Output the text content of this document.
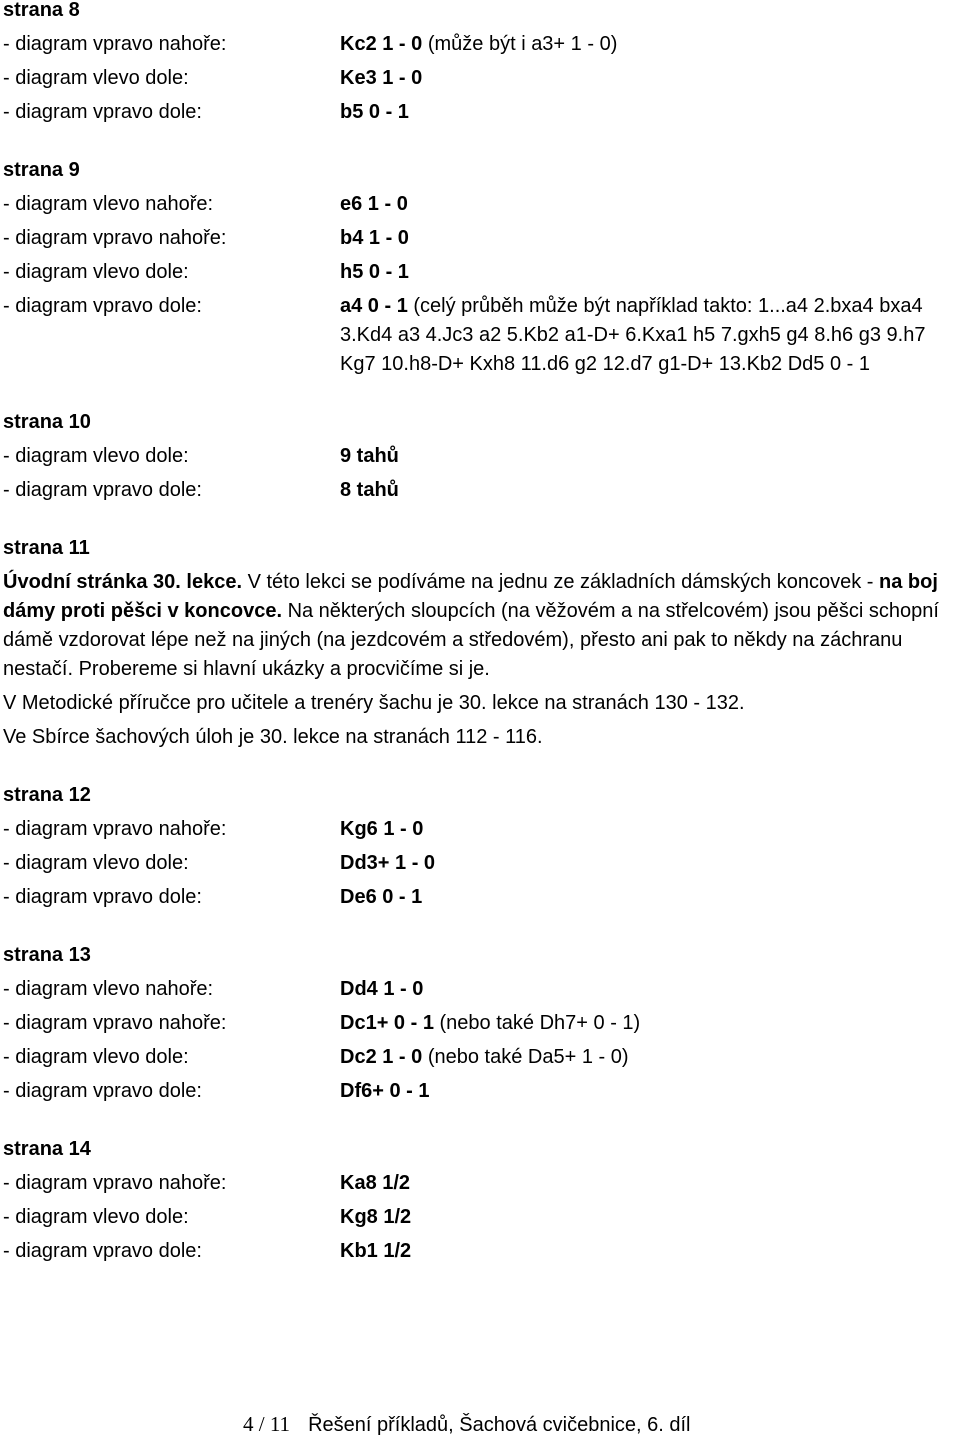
strana 8
- diagram vpravo nahoře:	Kc2 1 - 0 (může být i a3+ 1 - 0)
- diagram vlevo dole:	Ke3 1 - 0
- diagram vpravo dole:	b5 0 - 1
strana 9
- diagram vlevo nahoře:	e6 1 - 0
- diagram vpravo nahoře:	b4 1 - 0
- diagram vlevo dole:	h5 0 - 1
- diagram vpravo dole:	a4 0 - 1 (celý průběh může být například takto: 1...a4 2.bxa4 bxa4 3.Kd4 a3 4.Jc3 a2 5.Kb2 a1-D+ 6.Kxa1 h5 7.gxh5 g4 8.h6 g3 9.h7 Kg7 10.h8-D+ Kxh8 11.d6 g2 12.d7 g1-D+ 13.Kb2 Dd5 0 - 1
strana 10
- diagram vlevo dole:	9 tahů
- diagram vpravo dole:	8 tahů
strana 11
Úvodní stránka 30. lekce. V této lekci se podíváme na jednu ze základních dámských koncovek - na boj dámy proti pěšci v koncovce. Na některých sloupcích (na věžovém a na střelcovém) jsou pěšci schopní dámě vzdorovat lépe než na jiných (na jezdcovém a středovém), přesto ani pak to někdy na záchranu nestačí. Probereme si hlavní ukázky a procvičíme si je.
V Metodické příručce pro učitele a trenéry šachu je 30. lekce na stranách 130 - 132.
Ve Sbírce šachových úloh je 30. lekce na stranách 112 - 116.
strana 12
- diagram vpravo nahoře:	Kg6 1 - 0
- diagram vlevo dole:	Dd3+ 1 - 0
- diagram vpravo dole:	De6 0 - 1
strana 13
- diagram vlevo nahoře:	Dd4 1 - 0
- diagram vpravo nahoře:	Dc1+ 0 - 1 (nebo také Dh7+ 0 - 1)
- diagram vlevo dole:	Dc2 1 - 0 (nebo také Da5+ 1 - 0)
- diagram vpravo dole:	Df6+ 0 - 1
strana 14
- diagram vpravo nahoře:	Ka8 1/2
- diagram vlevo dole:	Kg8 1/2
- diagram vpravo dole:	Kb1 1/2
4 / 11 Řešení příkladů, Šachová cvičebnice, 6. díl
